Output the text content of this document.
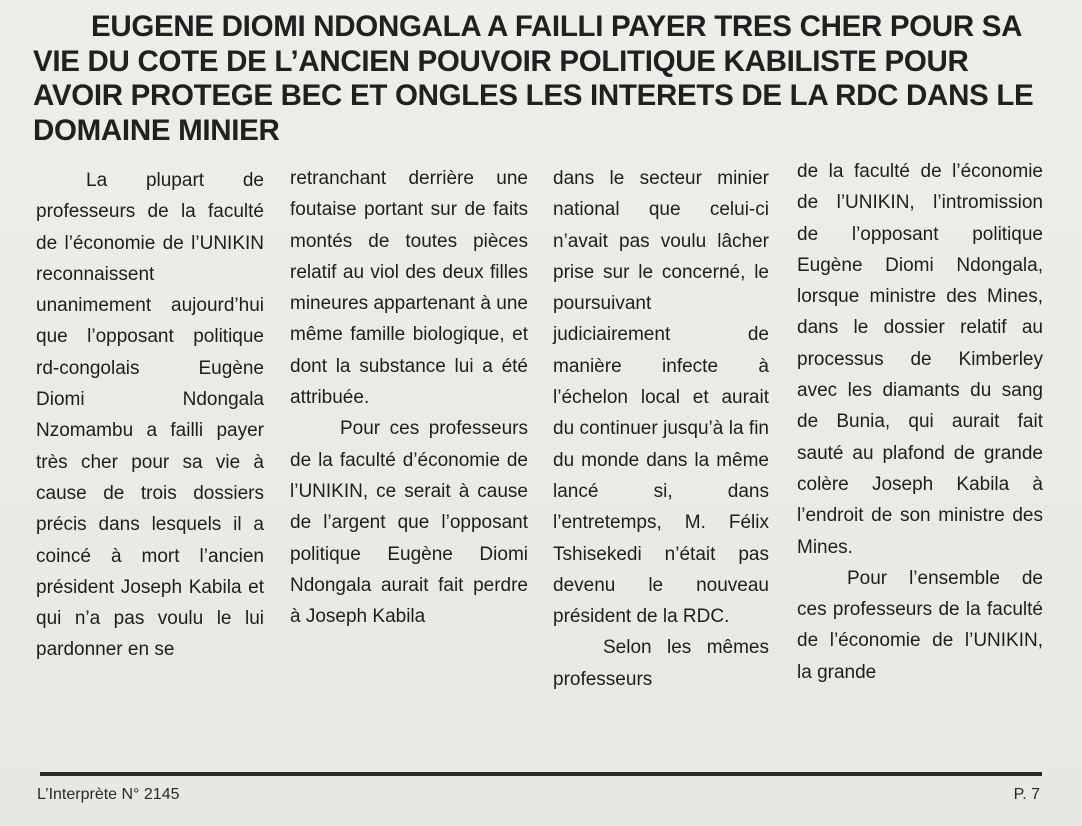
EUGENE DIOMI NDONGALA A FAILLI PAYER TRES CHER POUR SA VIE DU COTE DE L’ANCIEN POUVOIR POLITIQUE KABILISTE POUR AVOIR PROTEGE BEC ET ONGLES LES INTERETS DE LA RDC DANS LE DOMAINE MINIER

La plupart de professeurs de la faculté de l’économie de l’UNIKIN reconnaissent unanimement aujourd’hui que l’opposant politique rd-congolais Eugène Diomi Ndongala Nzomambu a failli payer très cher pour sa vie à cause de trois dossiers précis dans lesquels il a coincé à mort l’ancien président Joseph Kabila et qui n’a pas voulu le lui pardonner en se

retranchant derrière une foutaise portant sur de faits montés de toutes pièces relatif au viol des deux filles mineures appartenant à une même famille biologique, et dont la substance lui a été attribuée.

Pour ces professeurs de la faculté d’économie de l’UNIKIN, ce serait à cause de l’argent que l’opposant politique Eugène Diomi Ndongala aurait fait perdre à Joseph Kabila

dans le secteur minier national que celui-ci n’avait pas voulu lâcher prise sur le concerné, le poursuivant judiciairement de manière infecte à l’échelon local et aurait du continuer jusqu’à la fin du monde dans la même lancé si, dans l’entretemps, M. Félix Tshisekedi n’était pas devenu le nouveau président de la RDC.

Selon les mêmes professeurs

de la faculté de l’économie de l’UNIKIN, l’intromission de l’opposant politique Eugène Diomi Ndongala, lorsque ministre des Mines, dans le dossier relatif au processus de Kimberley avec les diamants du sang de Bunia, qui aurait fait sauté au plafond de grande colère Joseph Kabila à l’endroit de son ministre des Mines.

Pour l’ensemble de ces professeurs de la faculté de l’économie de l’UNIKIN, la grande

L’Interprète N° 2145	P. 7
